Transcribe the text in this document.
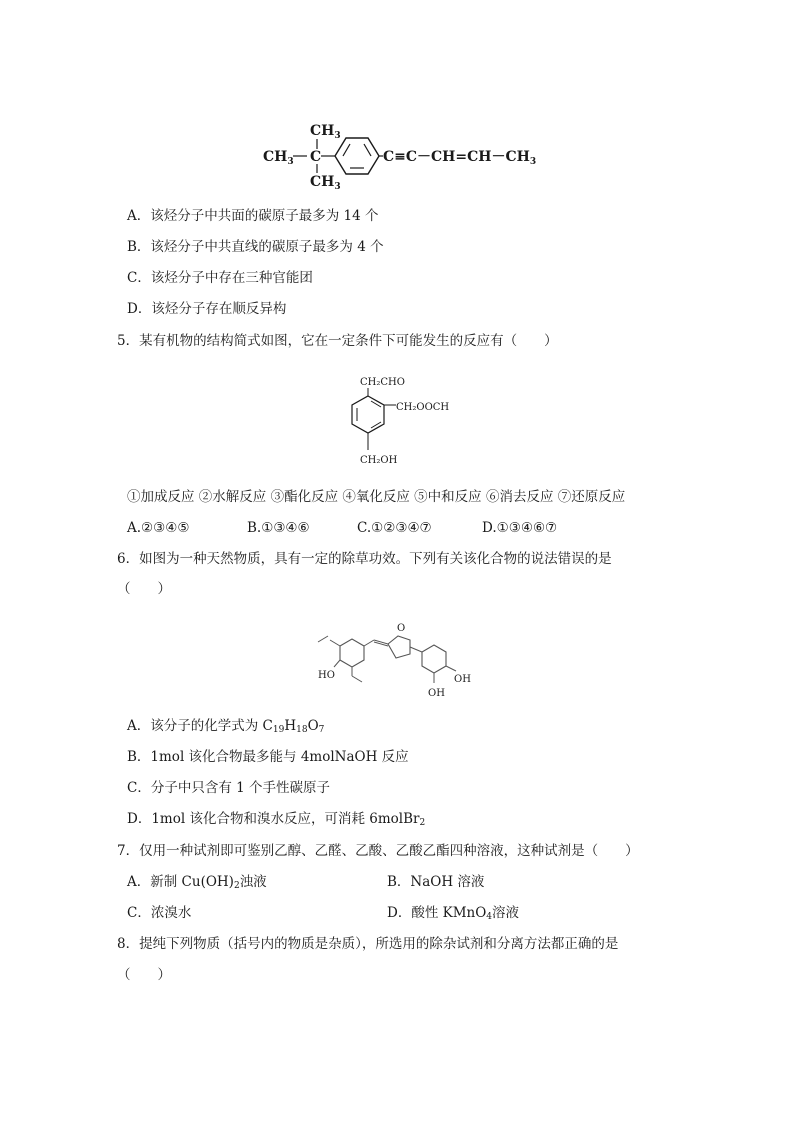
$CH_3$
$CH_3$ C
$CH_3$
$C\equiv C-CH=CH-CH_3$
A．该烃分子中共面的碳原子最多为 14 个
B．该烃分子中共直线的碳原子最多为 4 个
C．该烃分子中存在三种官能团
D．该烃分子存在顺反异构
5．某有机物的结构简式如图，它在一定条件下可能发生的反应有（　　）
CH₂CHO
CH₂OOCH
CH₂OH
①加成反应 ②水解反应 ③酯化反应 ④氧化反应 ⑤中和反应 ⑥消去反应 ⑦还原反应
A.②③④⑤	B.①③④⑥	C.①②③④⑦	D.①③④⑥⑦
6．如图为一种天然物质，具有一定的除草功效。下列有关该化合物的说法错误的是
（　　）
HO
O
OH
OH
A．该分子的化学式为 $C_{19}H_{18}O_7$
B．1mol 该化合物最多能与 4molNaOH 反应
C．分子中只含有 1 个手性碳原子
D．1mol 该化合物和溴水反应，可消耗 6molBr$_2$
7．仅用一种试剂即可鉴别乙醇、乙醛、乙酸、乙酸乙酯四种溶液，这种试剂是（　　）
A．新制 $Cu(OH)_2$浊液	B．NaOH 溶液
C．浓溴水	D．酸性 KMnO$_4$溶液
8．提纯下列物质（括号内的物质是杂质），所选用的除杂试剂和分离方法都正确的是
（　　）
